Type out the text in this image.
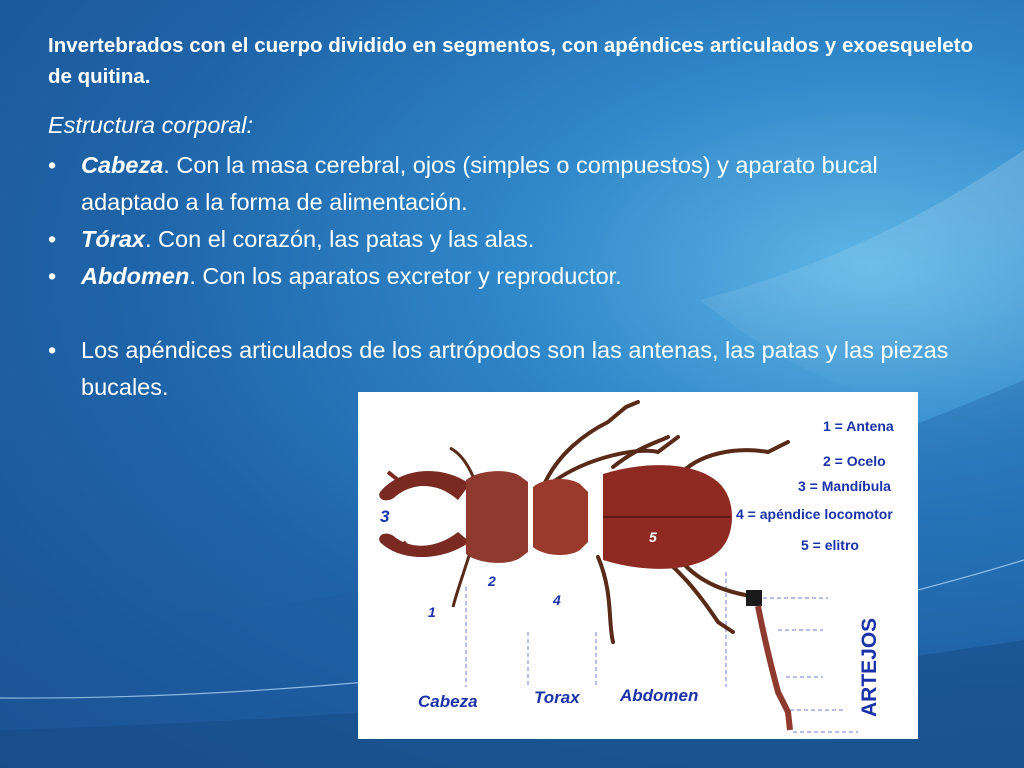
Invertebrados con el cuerpo dividido en segmentos, con apéndices articulados y exoesqueleto de quitina.
Estructura corporal:
• Cabeza. Con la masa cerebral, ojos (simples o compuestos) y aparato bucal adaptado a la forma de alimentación.
• Tórax. Con el corazón, las patas y las alas.
• Abdomen. Con los aparatos excretor y reproductor.
• Los apéndices articulados de los artrópodos son las antenas, las patas y las piezas bucales.
1 = Antena
2 = Ocelo
3 = Mandíbula
4 = apéndice locomotor
5 = elitro
1
2
3
4
5
Cabeza	Torax Abdomen	ARTEJOS
